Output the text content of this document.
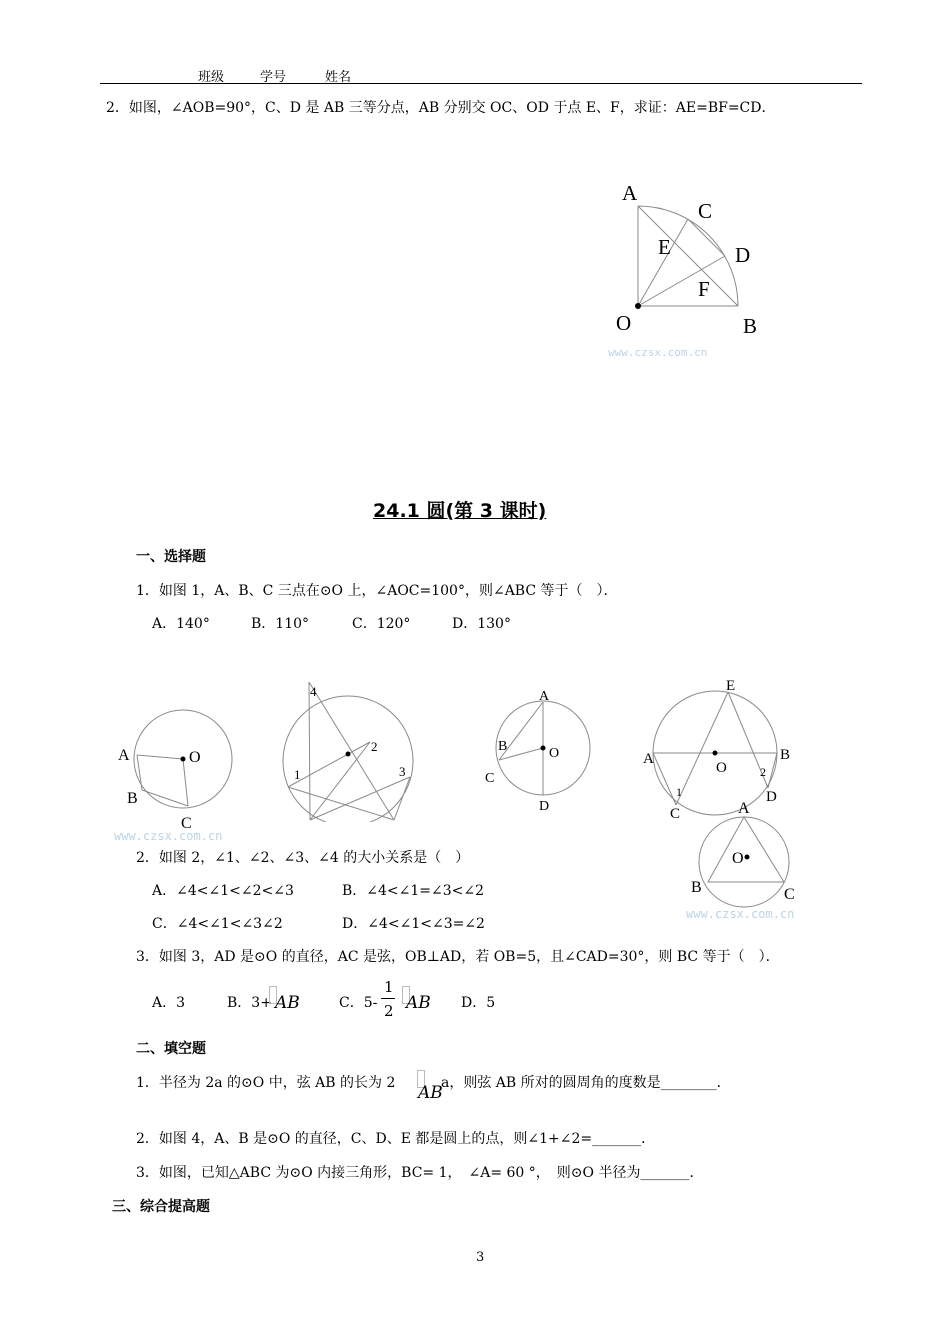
班级	学号	姓名
2．如图，∠AOB=90°，C、D 是 AB 三等分点，AB 分别交 OC、OD 于点 E、F，求证：AE=BF=CD．
A
C
E	D
F
O	B
www.czsx.com.cn
24.1 圆(第 3 课时)
一、选择题
1．如图 1，A、B、C 三点在⊙O 上，∠AOC=100°，则∠ABC 等于（　）．
A．140°	B．110°	C．120°	D．130°
A	O
B
C
www.czsx.com.cn
4
2
1	3
A
B	O
C
D
E
A	B
O
1
2
C
D
A
O
B	C
www.czsx.com.cn
2．如图 2，∠1、∠2、∠3、∠4 的大小关系是（　）
A．∠4<∠1<∠2<∠3	B．∠4<∠1=∠3<∠2
C．∠4<∠1<∠3∠2	D．∠4<∠1<∠3=∠2
3．如图 3，AD 是⊙O 的直径，AC 是弦，OB⊥AD，若 OB=5，且∠CAD=30°，则 BC 等于（　）．
A．3	B．3+ AB	C．5-
1
2 AB D．5
二、填空题
1．半径为 2a 的⊙O 中，弦 AB 的长为 2 AB
a，则弦 AB 所对的圆周角的度数是________．
2．如图 4，A、B 是⊙O 的直径，C、D、E 都是圆上的点，则∠1+∠2=_______．
3．如图，已知△ABC 为⊙O 内接三角形，BC= 1，　∠A= 60 °，　则⊙O 半径为_______．
三、综合提高题
3
